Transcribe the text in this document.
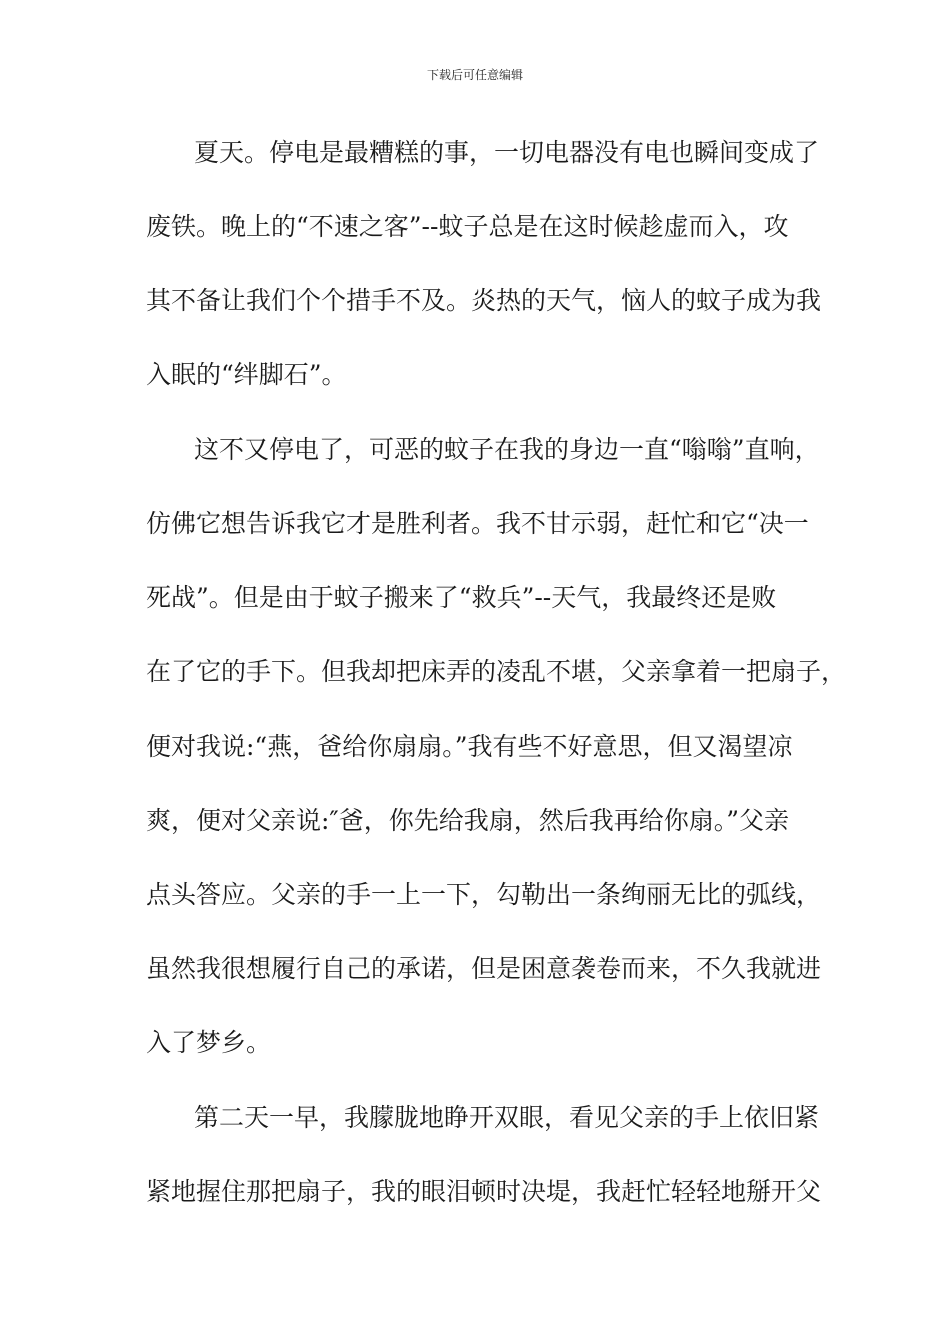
下载后可任意编辑
夏天。停电是最糟糕的事，一切电器没有电也瞬间变成了
废铁。晚上的“不速之客”--蚊子总是在这时候趁虚而入，攻
其不备让我们个个措手不及。炎热的天气，恼人的蚊子成为我
入眠的“绊脚石”。
这不又停电了，可恶的蚊子在我的身边一直“嗡嗡”直响，
仿佛它想告诉我它才是胜利者。我不甘示弱，赶忙和它“决一
死战”。但是由于蚊子搬来了“救兵”--天气，我最终还是败
在了它的手下。但我却把床弄的凌乱不堪，父亲拿着一把扇子，
便对我说:“燕，爸给你扇扇。”我有些不好意思，但又渴望凉
爽，便对父亲说:″爸，你先给我扇，然后我再给你扇。”父亲
点头答应。父亲的手一上一下，勾勒出一条绚丽无比的弧线，
虽然我很想履行自己的承诺，但是困意袭卷而来，不久我就进
入了梦乡。
第二天一早，我朦胧地睁开双眼，看见父亲的手上依旧紧
紧地握住那把扇子，我的眼泪顿时决堤，我赶忙轻轻地掰开父
